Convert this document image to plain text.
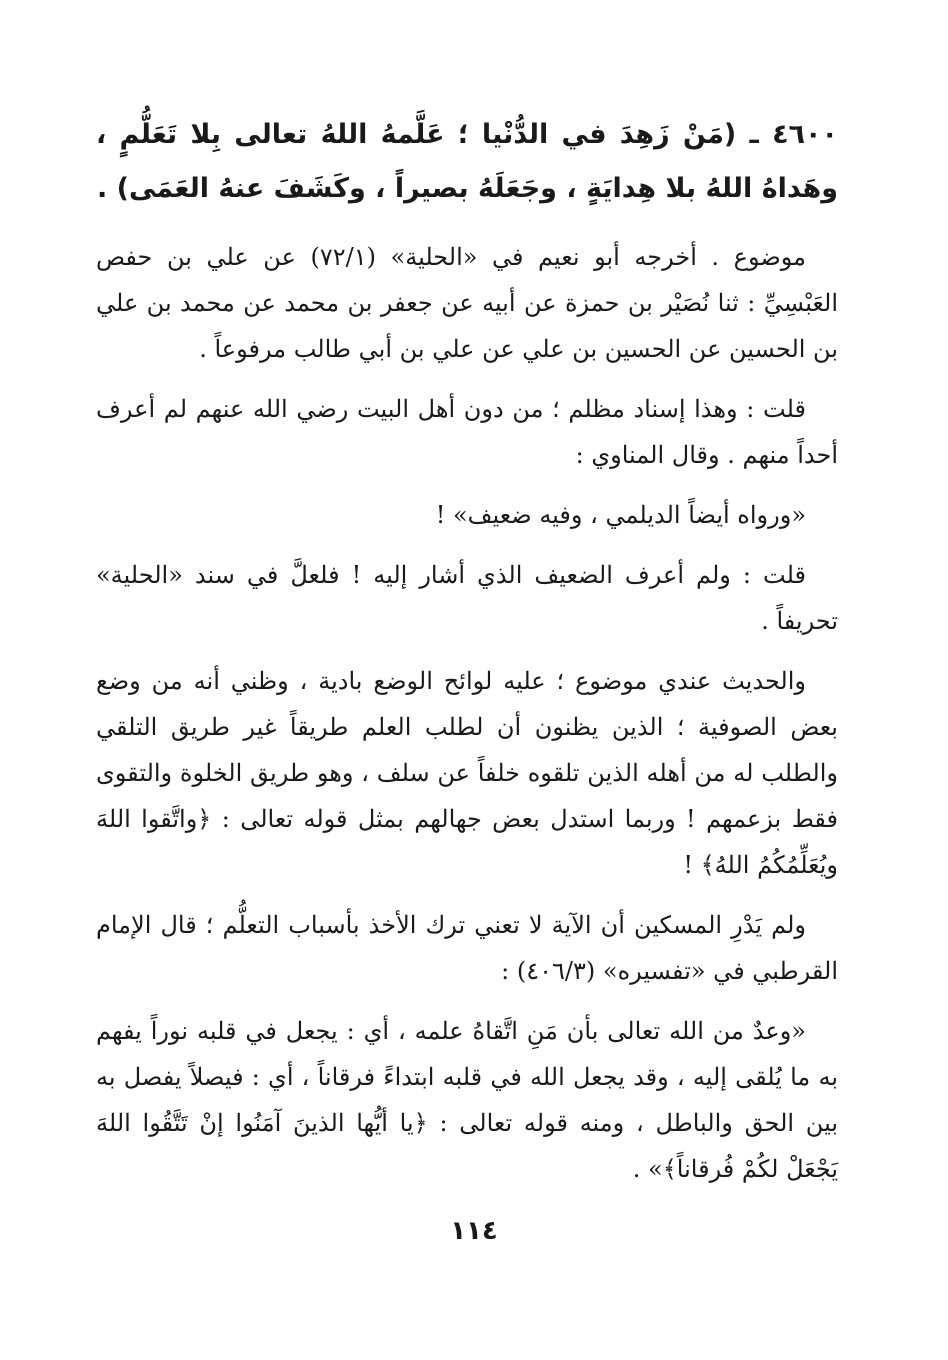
٤٦٠٠ ـ (مَنْ زَهِدَ في الدُّنْيا ؛ عَلَّمهُ اللهُ تعالى بِلا تَعَلُّمٍ ، وهَداهُ اللهُ بلا هِدايَةٍ ، وجَعَلَهُ بصيراً ، وكَشَفَ عنهُ العَمَى) .

موضوع . أخرجه أبو نعيم في «الحلية» (٧٢/١) عن علي بن حفص العَبْسِيِّ : ثنا نُصَيْر بن حمزة عن أبيه عن جعفر بن محمد عن محمد بن علي بن الحسين عن الحسين بن علي عن علي بن أبي طالب مرفوعاً .

قلت : وهذا إسناد مظلم ؛ من دون أهل البيت رضي الله عنهم لم أعرف أحداً منهم . وقال المناوي :

«ورواه أيضاً الديلمي ، وفيه ضعيف» !

قلت : ولم أعرف الضعيف الذي أشار إليه ! فلعلَّ في سند «الحلية» تحريفاً .

والحديث عندي موضوع ؛ عليه لوائح الوضع بادية ، وظني أنه من وضع بعض الصوفية ؛ الذين يظنون أن لطلب العلم طريقاً غير طريق التلقي والطلب له من أهله الذين تلقوه خلفاً عن سلف ، وهو طريق الخلوة والتقوى فقط بزعمهم ! وربما استدل بعض جهالهم بمثل قوله تعالى : ﴿واتَّقوا اللهَ ويُعَلِّمُكُمُ اللهُ﴾ !

ولم يَدْرِ المسكين أن الآية لا تعني ترك الأخذ بأسباب التعلُّم ؛ قال الإمام القرطبي في «تفسيره» (٤٠٦/٣) :

«وعدٌ من الله تعالى بأن مَنِ اتَّقاهُ علمه ، أي : يجعل في قلبه نوراً يفهم به ما يُلقى إليه ، وقد يجعل الله في قلبه ابتداءً فرقاناً ، أي : فيصلاً يفصل به بين الحق والباطل ، ومنه قوله تعالى : ﴿يا أيُّها الذينَ آمَنُوا إنْ تَتَّقُوا اللهَ يَجْعَلْ لكُمْ فُرقاناً﴾» .

١١٤
